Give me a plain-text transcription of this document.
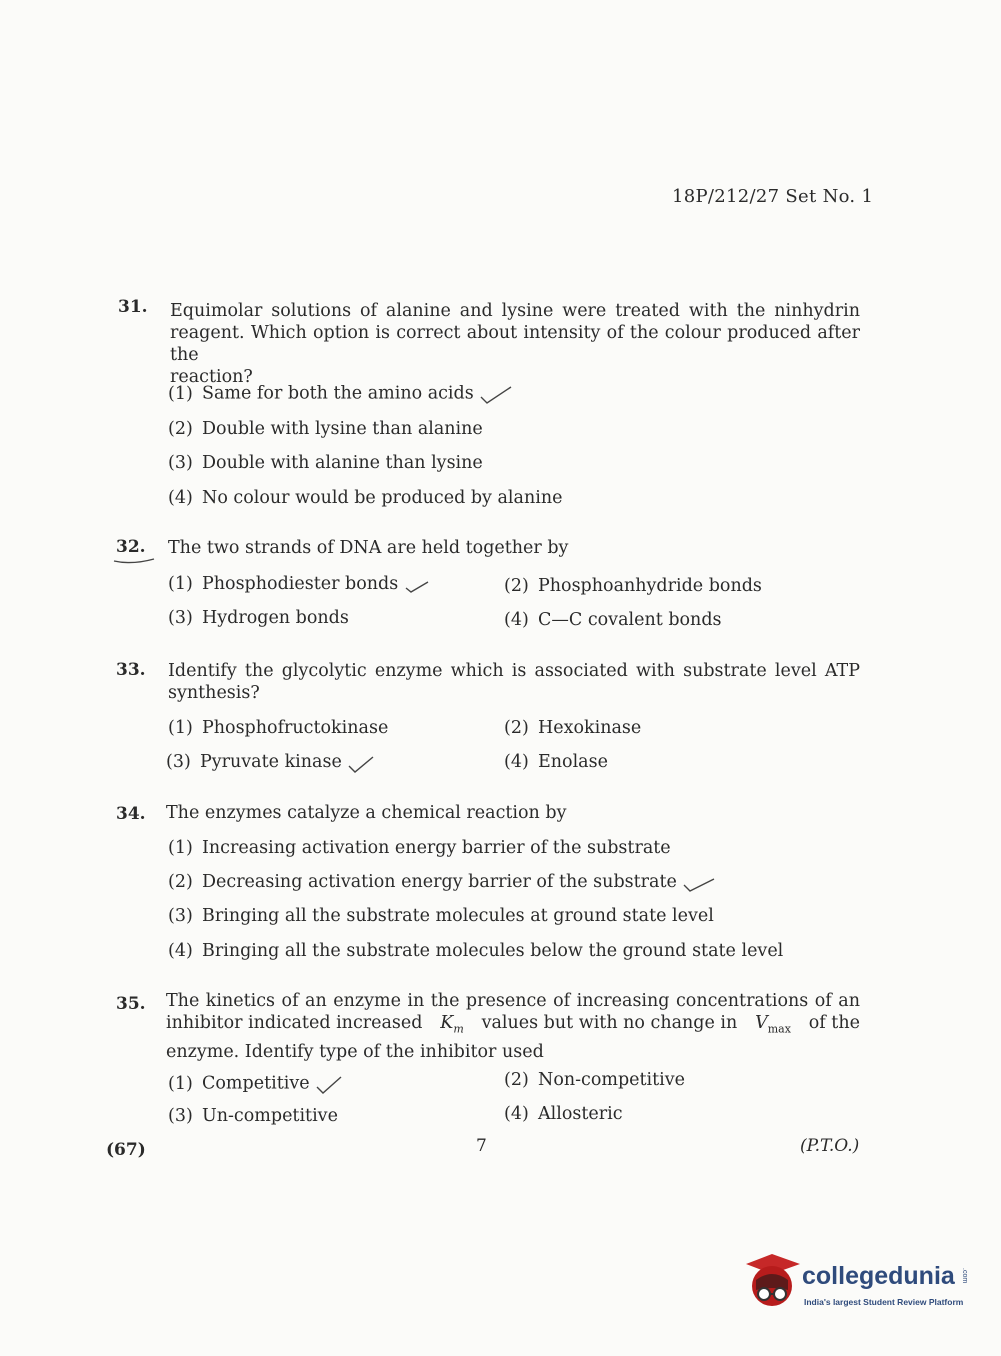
18P/212/27 Set No. 1
31. Equimolar solutions of alanine and lysine were treated with the ninhydrin
reagent. Which option is correct about intensity of the colour produced after the
reaction?
(1) Same for both the amino acids
(2) Double with lysine than alanine
(3) Double with alanine than lysine
(4) No colour would be produced by alanine
32. The two strands of DNA are held together by
(1) Phosphodiester bonds	(2) Phosphoanhydride bonds
(3) Hydrogen bonds	(4) C—C covalent bonds
33. Identify the glycolytic enzyme which is associated with substrate level ATP
synthesis?
(1) Phosphofructokinase	(2) Hexokinase
(3) Pyruvate kinase	(4) Enolase
34. The enzymes catalyze a chemical reaction by
(1) Increasing activation energy barrier of the substrate
(2) Decreasing activation energy barrier of the substrate
(3) Bringing all the substrate molecules at ground state level
(4) Bringing all the substrate molecules below the ground state level
35. The kinetics of an enzyme in the presence of increasing concentrations of an
inhibitor indicated increased $K_m$ values but with no change in $V_{max}$ of the
enzyme. Identify type of the inhibitor used
(1) Competitive	(2) Non-competitive
(3) Un-competitive	(4) Allosteric
(67)	7	(P.T.O.)
collegedunia .com
India's largest Student Review Platform
